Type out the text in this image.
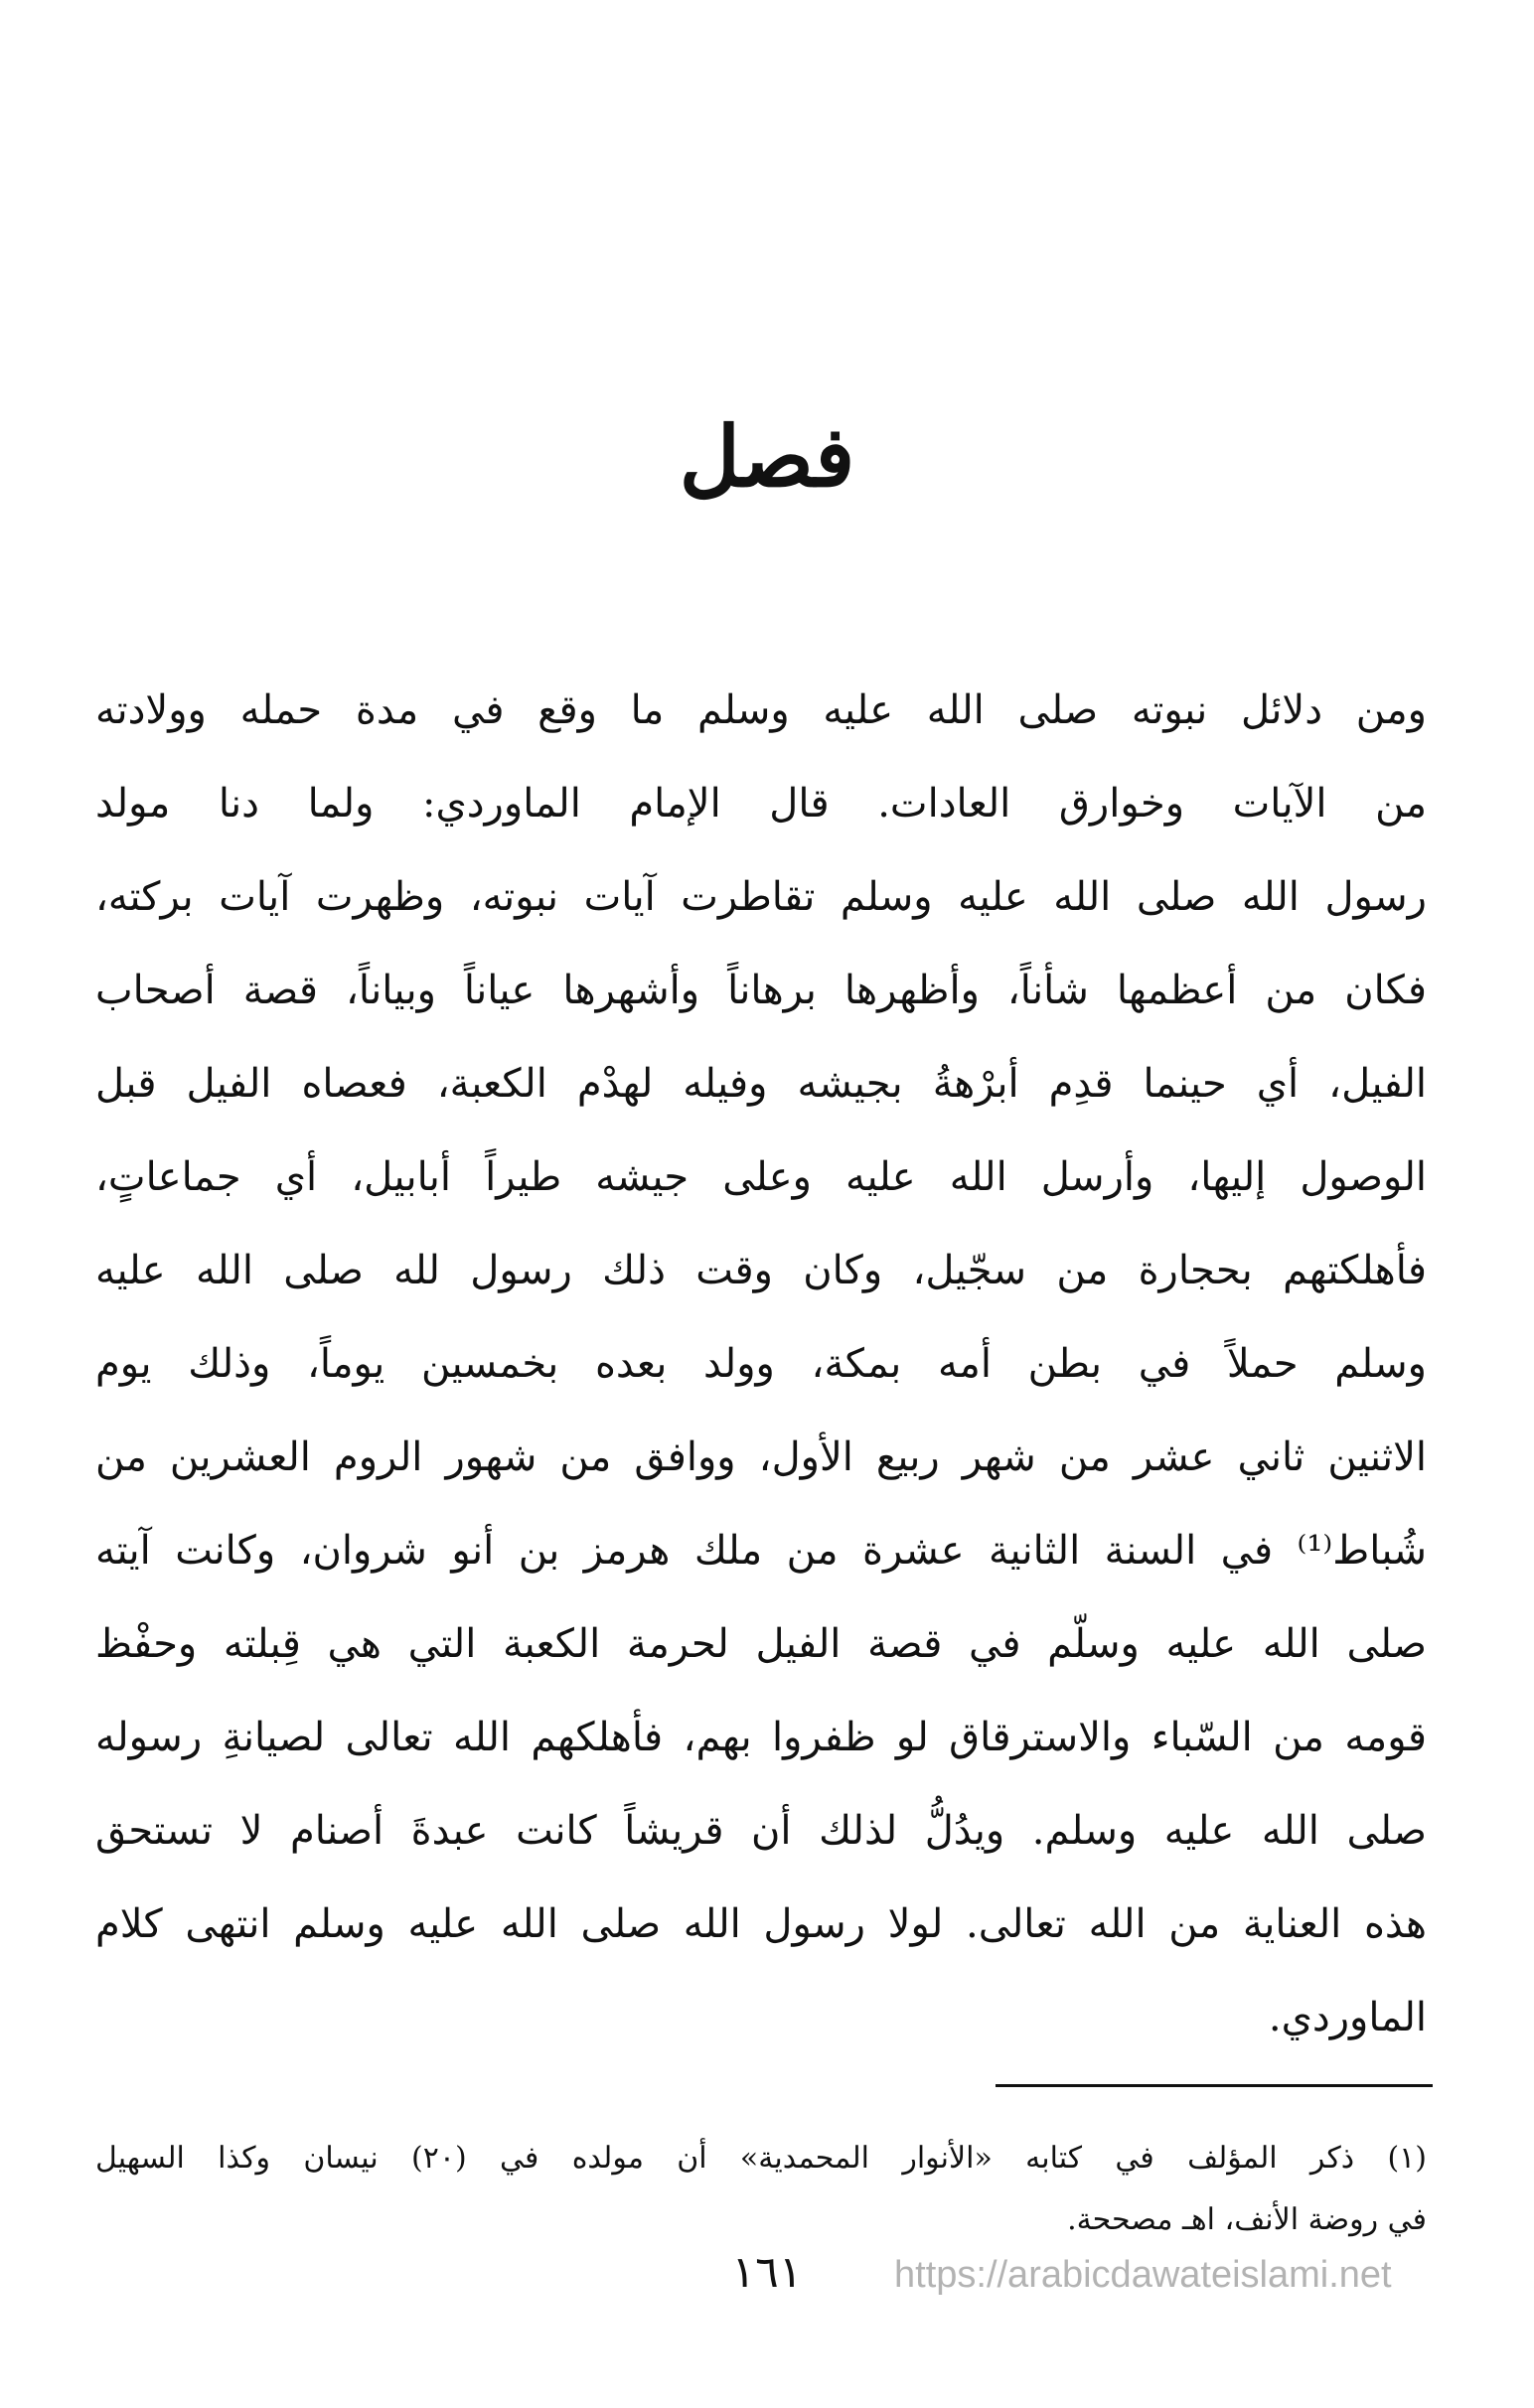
فصل
ومن دلائل نبوته صلى الله عليه وسلم ما وقع في مدة حمله وولادته
من الآيات وخوارق العادات. قال الإمام الماوردي: ولما دنا مولد
رسول الله صلى الله عليه وسلم تقاطرت آيات نبوته، وظهرت آيات بركته،
فكان من أعظمها شأناً، وأظهرها برهاناً وأشهرها عياناً وبياناً، قصة أصحاب
الفيل، أي حينما قدِم أبرْهةُ بجيشه وفيله لهدْم الكعبة، فعصاه الفيل قبل
الوصول إليها، وأرسل الله عليه وعلى جيشه طيراً أبابيل، أي جماعاتٍ،
فأهلكتهم بحجارة من سجّيل، وكان وقت ذلك رسول لله صلى الله عليه
وسلم حملاً في بطن أمه بمكة، وولد بعده بخمسين يوماً، وذلك يوم
الاثنين ثاني عشر من شهر ربيع الأول، ووافق من شهور الروم العشرين من
شُباط⁽¹⁾ في السنة الثانية عشرة من ملك هرمز بن أنو شروان، وكانت آيته
صلى الله عليه وسلّم في قصة الفيل لحرمة الكعبة التي هي قِبلته وحفْظ
قومه من السّباء والاسترقاق لو ظفروا بهم، فأهلكهم الله تعالى لصيانةِ رسوله
صلى الله عليه وسلم. ويدُلُّ لذلك أن قريشاً كانت عبدةَ أصنام لا تستحق
هذه العناية من الله تعالى. لولا رسول الله صلى الله عليه وسلم انتهى كلام
الماوردي.
(١) ذكر المؤلف في كتابه «الأنوار المحمدية» أن مولده في (٢٠) نيسان وكذا السهيل
في روضة الأنف، اهـ مصححة.
١٦١	https://arabicdawateislami.net
